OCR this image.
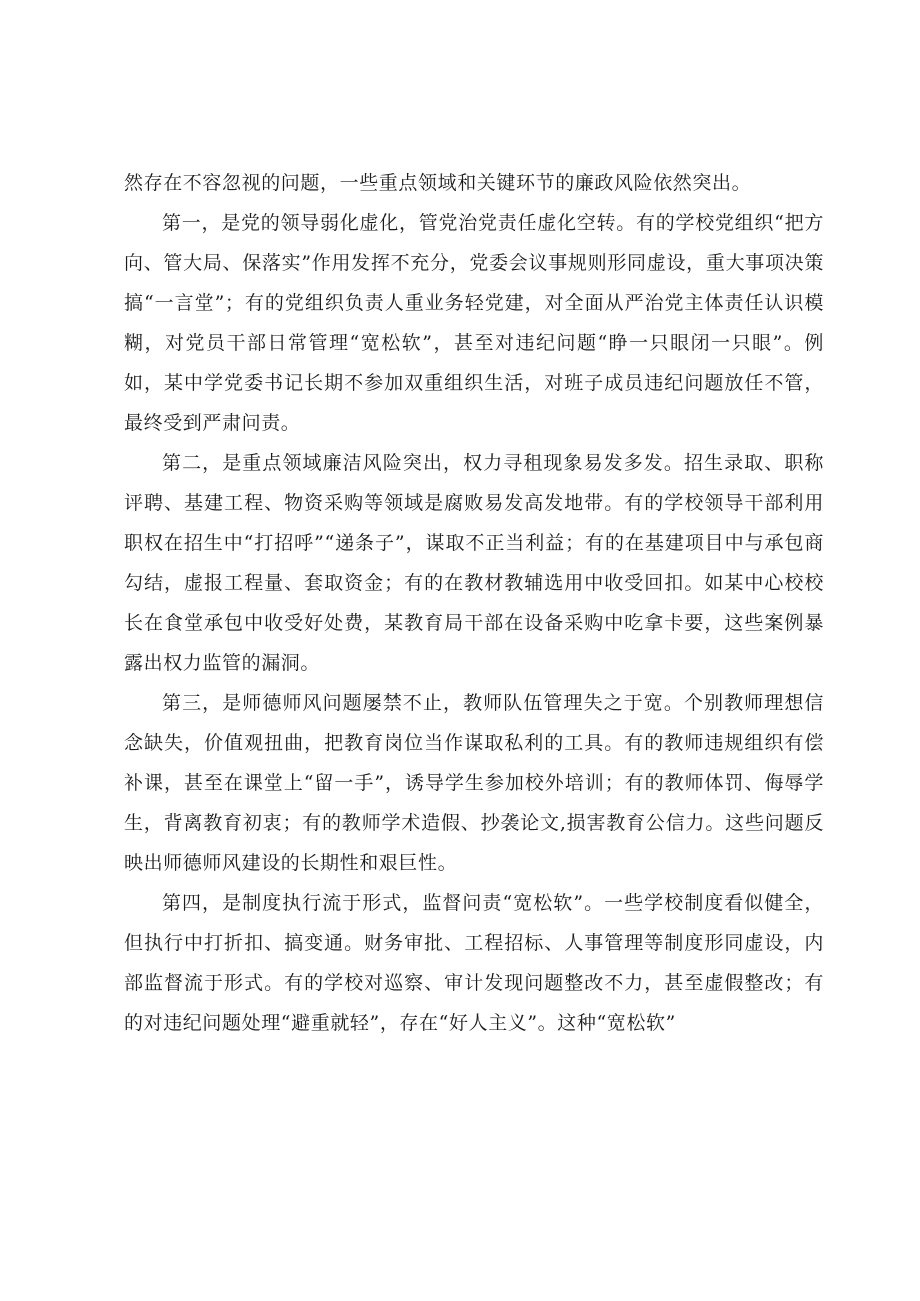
然存在不容忽视的问题，一些重点领域和关键环节的廉政风险依然突出。

第一，是党的领导弱化虚化，管党治党责任虚化空转。有的学校党组织“把方向、管大局、保落实”作用发挥不充分，党委会议事规则形同虚设，重大事项决策搞“一言堂”；有的党组织负责人重业务轻党建，对全面从严治党主体责任认识模糊，对党员干部日常管理“宽松软”，甚至对违纪问题“睁一只眼闭一只眼”。例如，某中学党委书记长期不参加双重组织生活，对班子成员违纪问题放任不管，最终受到严肃问责。

第二，是重点领域廉洁风险突出，权力寻租现象易发多发。招生录取、职称评聘、基建工程、物资采购等领域是腐败易发高发地带。有的学校领导干部利用职权在招生中“打招呼”“递条子”，谋取不正当利益；有的在基建项目中与承包商勾结，虚报工程量、套取资金；有的在教材教辅选用中收受回扣。如某中心校校长在食堂承包中收受好处费，某教育局干部在设备采购中吃拿卡要，这些案例暴露出权力监管的漏洞。

第三，是师德师风问题屡禁不止，教师队伍管理失之于宽。个别教师理想信念缺失，价值观扭曲，把教育岗位当作谋取私利的工具。有的教师违规组织有偿补课，甚至在课堂上“留一手”，诱导学生参加校外培训；有的教师体罚、侮辱学生，背离教育初衷；有的教师学术造假、抄袭论文,损害教育公信力。这些问题反映出师德师风建设的长期性和艰巨性。

第四，是制度执行流于形式，监督问责“宽松软”。一些学校制度看似健全，但执行中打折扣、搞变通。财务审批、工程招标、人事管理等制度形同虚设，内部监督流于形式。有的学校对巡察、审计发现问题整改不力，甚至虚假整改；有的对违纪问题处理“避重就轻”，存在“好人主义”。这种“宽松软”
